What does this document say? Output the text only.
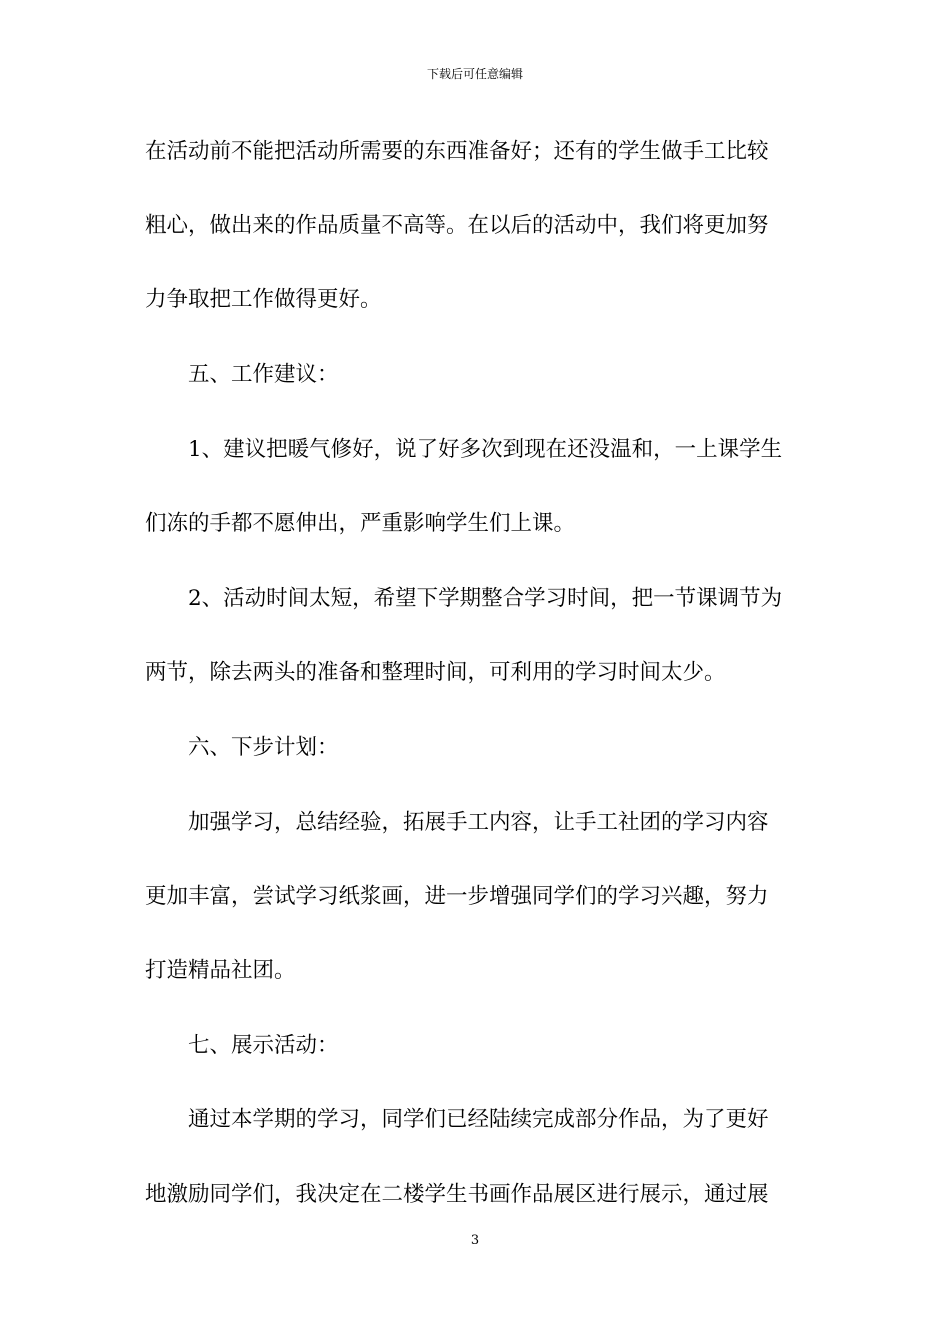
下载后可任意编辑
在活动前不能把活动所需要的东西准备好；还有的学生做手工比较
粗心，做出来的作品质量不高等。在以后的活动中，我们将更加努
力争取把工作做得更好。
五、工作建议：
1、建议把暖气修好，说了好多次到现在还没温和，一上课学生
们冻的手都不愿伸出，严重影响学生们上课。
2、活动时间太短，希望下学期整合学习时间，把一节课调节为
两节，除去两头的准备和整理时间，可利用的学习时间太少。
六、下步计划：
加强学习，总结经验，拓展手工内容，让手工社团的学习内容
更加丰富，尝试学习纸浆画，进一步增强同学们的学习兴趣，努力
打造精品社团。
七、展示活动：
通过本学期的学习，同学们已经陆续完成部分作品，为了更好
地激励同学们，我决定在二楼学生书画作品展区进行展示，通过展
3
